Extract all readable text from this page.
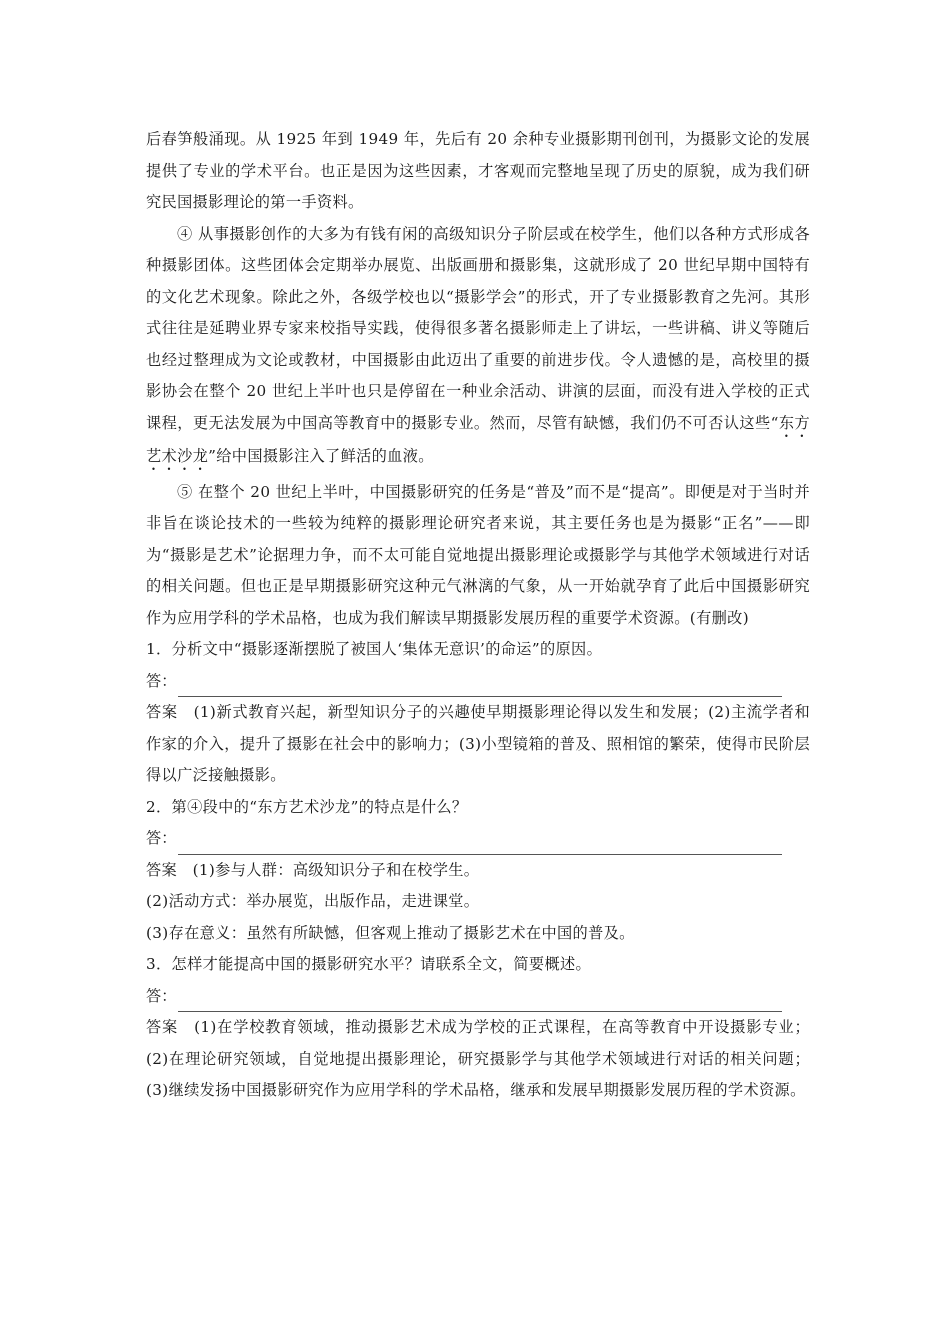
后春笋般涌现。从 1925 年到 1949 年，先后有 20 余种专业摄影期刊创刊，为摄影文论的发展提供了专业的学术平台。也正是因为这些因素，才客观而完整地呈现了历史的原貌，成为我们研究民国摄影理论的第一手资料。

④ 从事摄影创作的大多为有钱有闲的高级知识分子阶层或在校学生，他们以各种方式形成各种摄影团体。这些团体会定期举办展览、出版画册和摄影集，这就形成了 20 世纪早期中国特有的文化艺术现象。除此之外，各级学校也以“摄影学会”的形式，开了专业摄影教育之先河。其形式往往是延聘业界专家来校指导实践，使得很多著名摄影师走上了讲坛，一些讲稿、讲义等随后也经过整理成为文论或教材，中国摄影由此迈出了重要的前进步伐。令人遗憾的是，高校里的摄影协会在整个 20 世纪上半叶也只是停留在一种业余活动、讲演的层面，而没有进入学校的正式课程，更无法发展为中国高等教育中的摄影专业。然而，尽管有缺憾，我们仍不可否认这些“东方艺术沙龙”给中国摄影注入了鲜活的血液。

⑤ 在整个 20 世纪上半叶，中国摄影研究的任务是“普及”而不是“提高”。即便是对于当时并非旨在谈论技术的一些较为纯粹的摄影理论研究者来说，其主要任务也是为摄影“正名”——即为“摄影是艺术”论据理力争，而不太可能自觉地提出摄影理论或摄影学与其他学术领域进行对话的相关问题。但也正是早期摄影研究这种元气淋漓的气象，从一开始就孕育了此后中国摄影研究作为应用学科的学术品格，也成为我们解读早期摄影发展历程的重要学术资源。(有删改)

1．分析文中“摄影逐渐摆脱了被国人‘集体无意识’的命运”的原因。

答：

答案　(1)新式教育兴起，新型知识分子的兴趣使早期摄影理论得以发生和发展；(2)主流学者和作家的介入，提升了摄影在社会中的影响力；(3)小型镜箱的普及、照相馆的繁荣，使得市民阶层得以广泛接触摄影。

2．第④段中的“东方艺术沙龙”的特点是什么？

答：

答案　(1)参与人群：高级知识分子和在校学生。

(2)活动方式：举办展览，出版作品，走进课堂。

(3)存在意义：虽然有所缺憾，但客观上推动了摄影艺术在中国的普及。

3．怎样才能提高中国的摄影研究水平？请联系全文，简要概述。

答：

答案　(1)在学校教育领域，推动摄影艺术成为学校的正式课程，在高等教育中开设摄影专业；(2)在理论研究领域，自觉地提出摄影理论，研究摄影学与其他学术领域进行对话的相关问题；(3)继续发扬中国摄影研究作为应用学科的学术品格，继承和发展早期摄影发展历程的学术资源。
